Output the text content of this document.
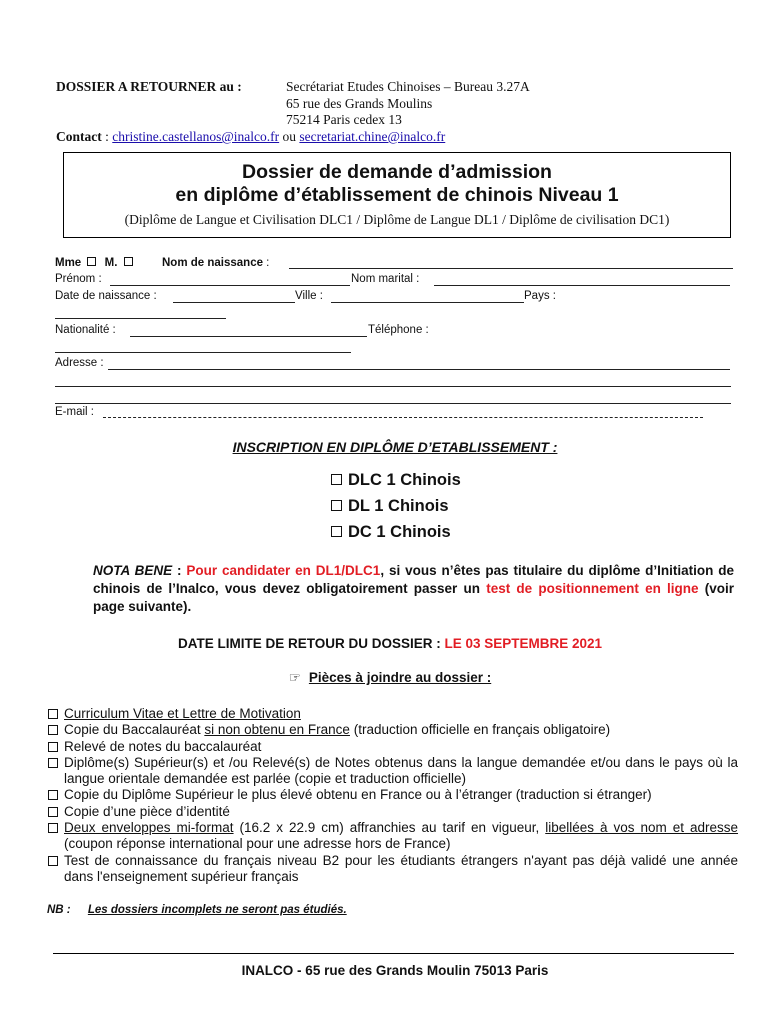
DOSSIER A RETOURNER au :	Secrétariat Etudes Chinoises – Bureau 3.27A
65 rue des Grands Moulins
75214 Paris cedex 13
Contact : christine.castellanos@inalco.fr ou secretariat.chine@inalco.fr
Dossier de demande d’admission
en diplôme d’établissement de chinois Niveau 1
(Diplôme de Langue et Civilisation DLC1 / Diplôme de Langue DL1 / Diplôme de civilisation DC1)
Mme M.	Nom de naissance :
Prénom :	Nom marital :
Date de naissance :	Ville :	Pays :
Nationalité :	Téléphone :
Adresse :
E-mail :
INSCRIPTION EN DIPLÔME D’ETABLISSEMENT :
DLC 1 Chinois
DL 1 Chinois
DC 1 Chinois
NOTA BENE : Pour candidater en DL1/DLC1, si vous n’êtes pas titulaire du diplôme d’Initiation de chinois de l’Inalco, vous devez obligatoirement passer un test de positionnement en ligne (voir page suivante).
DATE LIMITE DE RETOUR DU DOSSIER : LE 03 SEPTEMBRE 2021
☞ Pièces à joindre au dossier :
Curriculum Vitae et Lettre de Motivation
Copie du Baccalauréat si non obtenu en France (traduction officielle en français obligatoire)
Relevé de notes du baccalauréat
Diplôme(s) Supérieur(s) et /ou Relevé(s) de Notes obtenus dans la langue demandée et/ou dans le pays où la langue orientale demandée est parlée (copie et traduction officielle)
Copie du Diplôme Supérieur le plus élevé obtenu en France ou à l’étranger (traduction si étranger)
Copie d’une pièce d’identité
Deux enveloppes mi-format (16.2 x 22.9 cm) affranchies au tarif en vigueur, libellées à vos nom et adresse (coupon réponse international pour une adresse hors de France)
Test de connaissance du français niveau B2 pour les étudiants étrangers n'ayant pas déjà validé une année dans l'enseignement supérieur français
NB : Les dossiers incomplets ne seront pas étudiés.
INALCO - 65 rue des Grands Moulin 75013 Paris
